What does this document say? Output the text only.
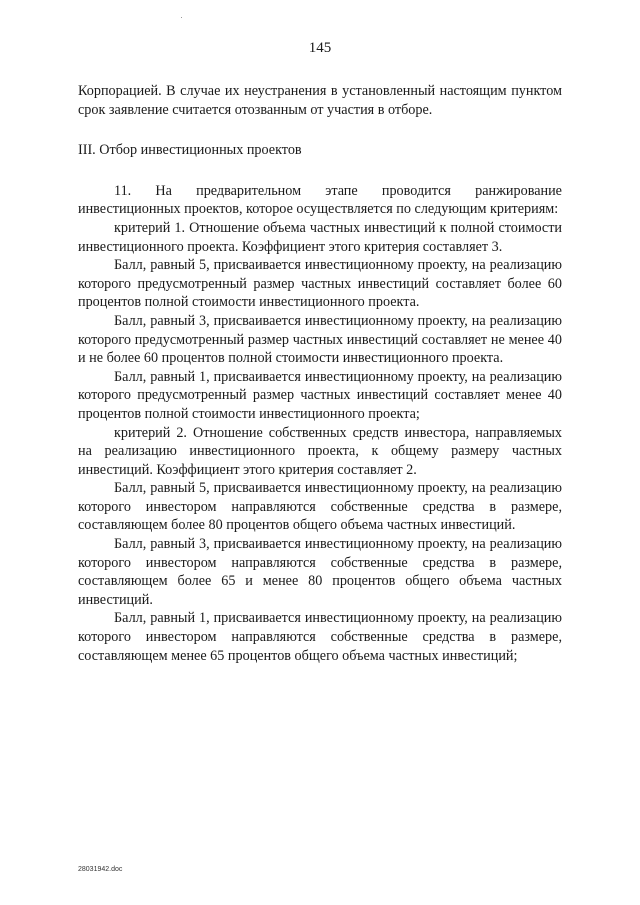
145

Корпорацией. В случае их неустранения в установленный настоящим пунктом срок заявление считается отозванным от участия в отборе.

III. Отбор инвестиционных проектов

11. На предварительном этапе проводится ранжирование инвестиционных проектов, которое осуществляется по следующим критериям:

критерий 1. Отношение объема частных инвестиций к полной стоимости инвестиционного проекта. Коэффициент этого критерия составляет 3.

Балл, равный 5, присваивается инвестиционному проекту, на реализацию которого предусмотренный размер частных инвестиций составляет более 60 процентов полной стоимости инвестиционного проекта.

Балл, равный 3, присваивается инвестиционному проекту, на реализацию которого предусмотренный размер частных инвестиций составляет не менее 40 и не более 60 процентов полной стоимости инвестиционного проекта.

Балл, равный 1, присваивается инвестиционному проекту, на реализацию которого предусмотренный размер частных инвестиций составляет менее 40 процентов полной стоимости инвестиционного проекта;

критерий 2. Отношение собственных средств инвестора, направляемых на реализацию инвестиционного проекта, к общему размеру частных инвестиций. Коэффициент этого критерия составляет 2.

Балл, равный 5, присваивается инвестиционному проекту, на реализацию которого инвестором направляются собственные средства в размере, составляющем более 80 процентов общего объема частных инвестиций.

Балл, равный 3, присваивается инвестиционному проекту, на реализацию которого инвестором направляются собственные средства в размере, составляющем более 65 и менее 80 процентов общего объема частных инвестиций.

Балл, равный 1, присваивается инвестиционному проекту, на реализацию которого инвестором направляются собственные средства в размере, составляющем менее 65 процентов общего объема частных инвестиций;

28031942.doc
